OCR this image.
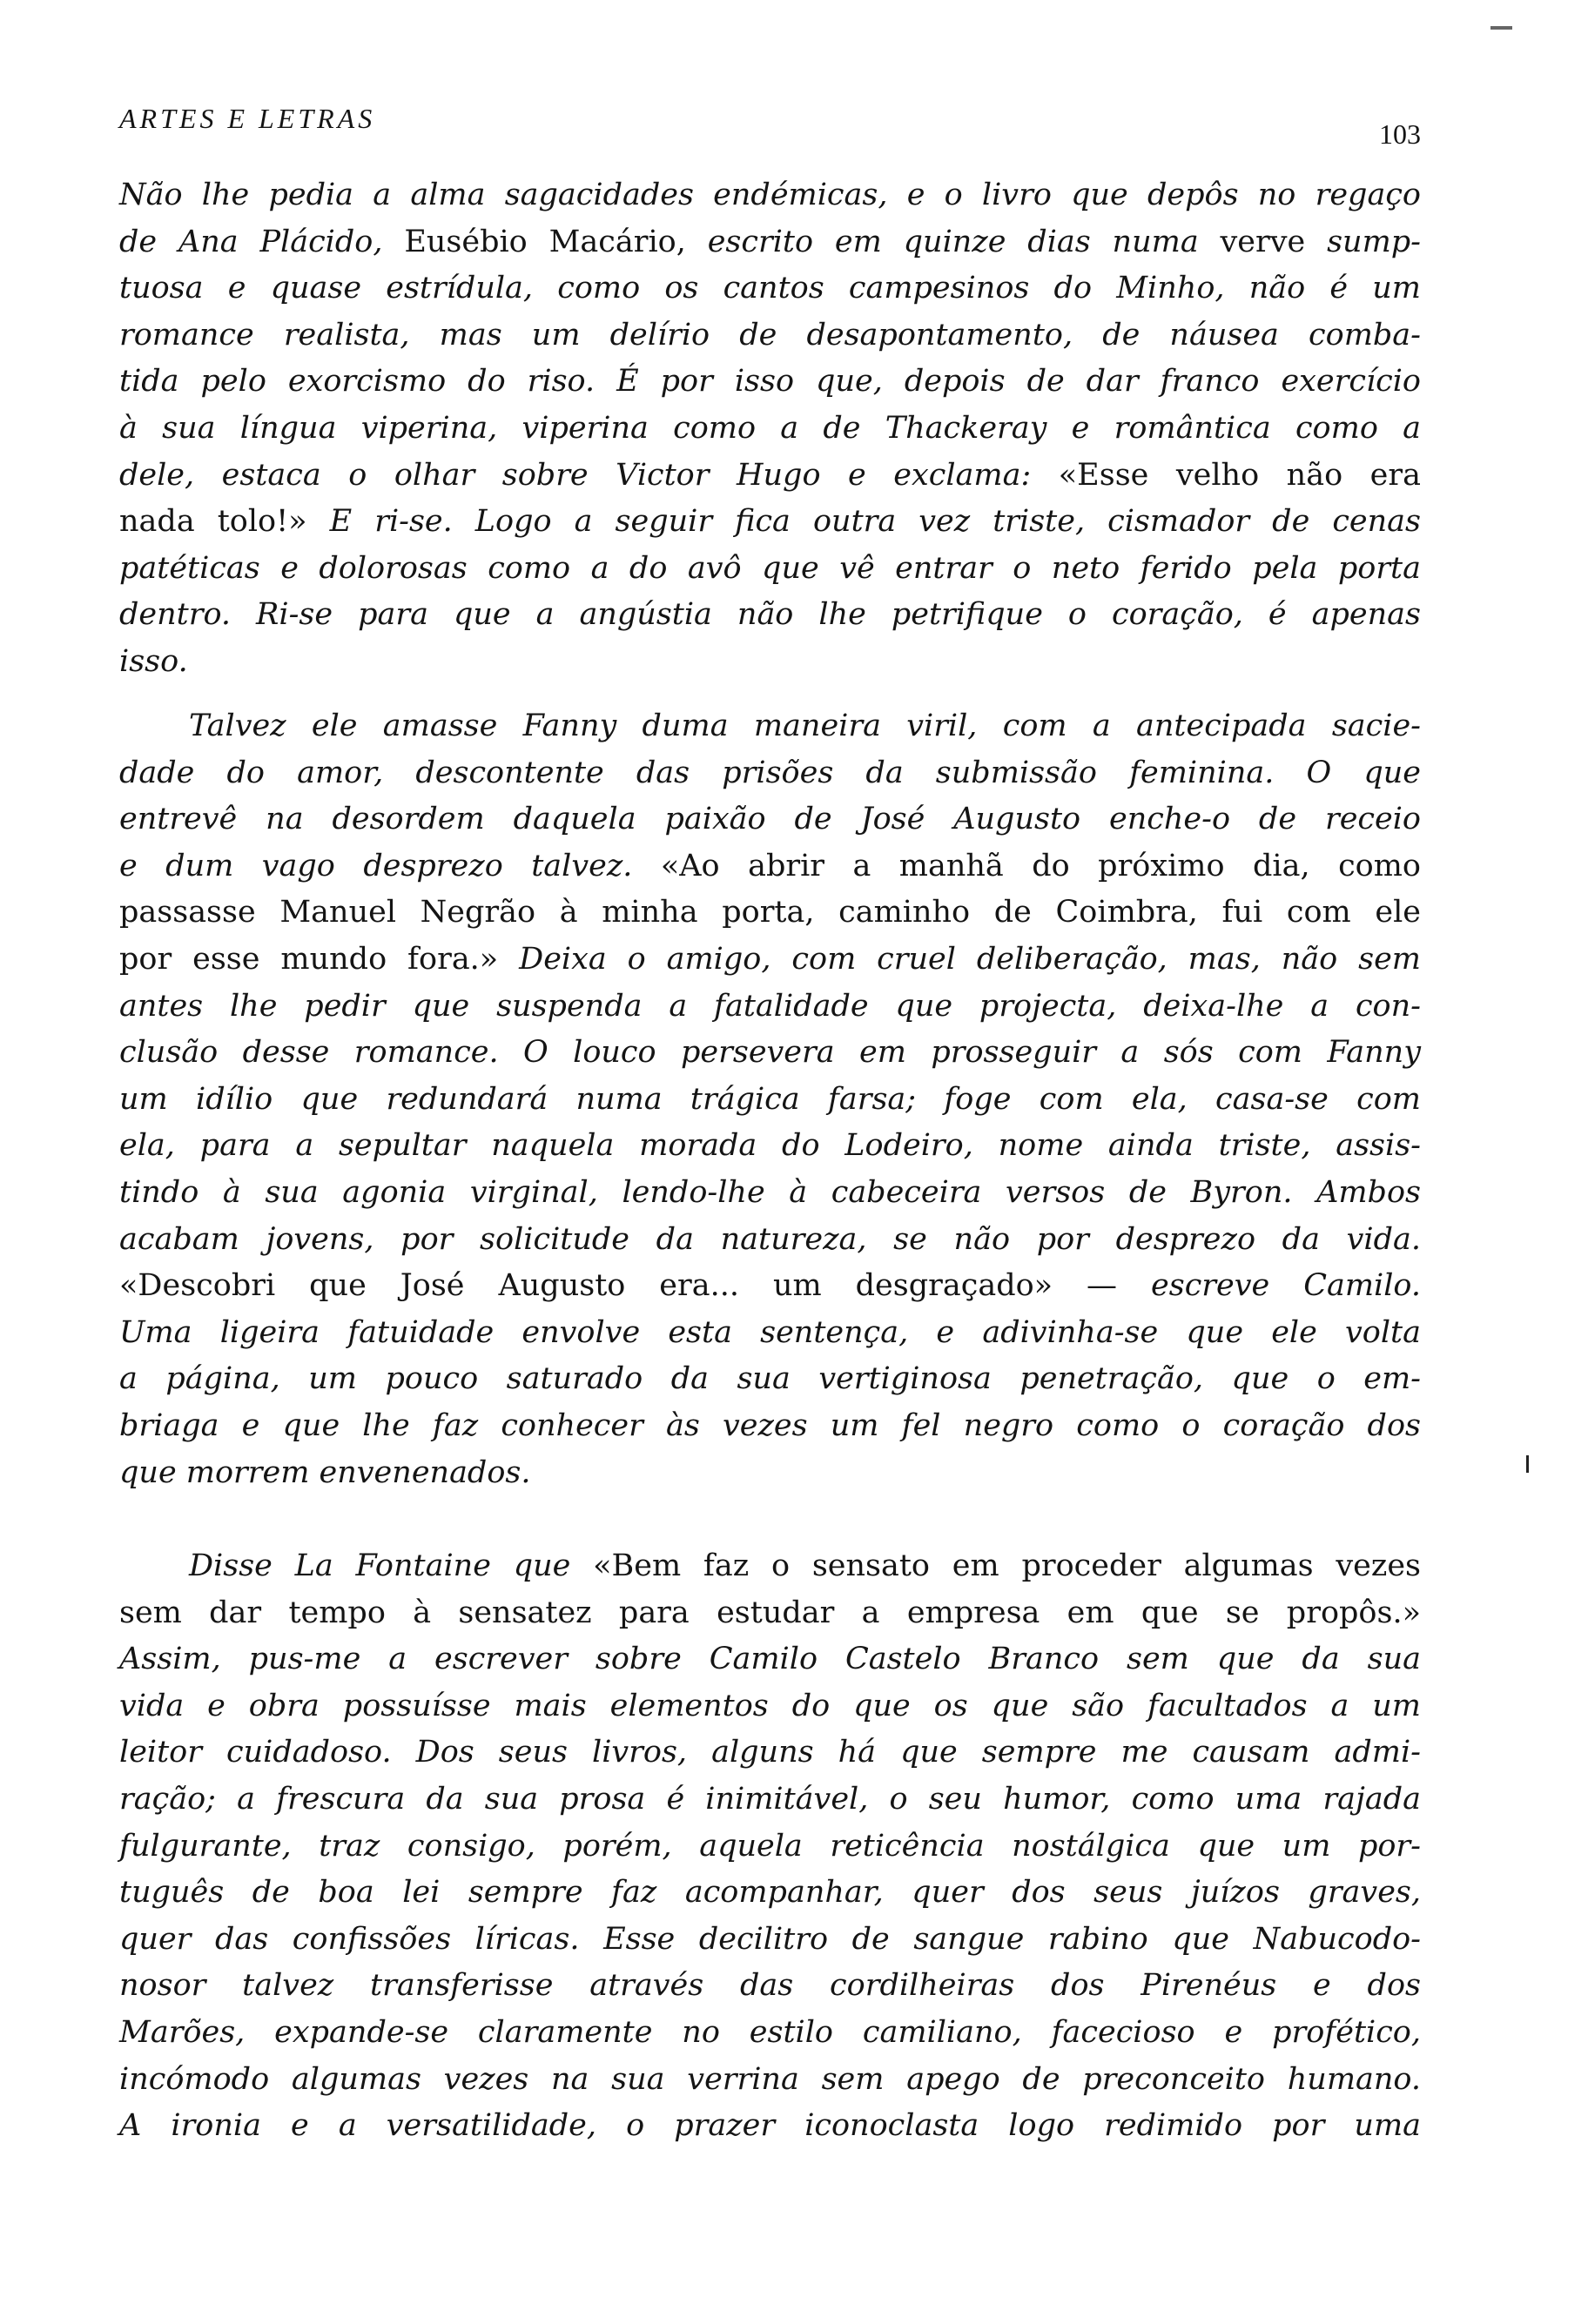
ARTES E LETRAS	103
Não lhe pedia a alma sagacidades endémicas, e o livro que depôs no regaço
de Ana Plácido, Eusébio Macário, escrito em quinze dias numa verve sump-
tuosa e quase estrídula, como os cantos campesinos do Minho, não é um
romance realista, mas um delírio de desapontamento, de náusea comba-
tida pelo exorcismo do riso. É por isso que, depois de dar franco exercício
à sua língua viperina, viperina como a de Thackeray e romântica como a
dele, estaca o olhar sobre Victor Hugo e exclama: «Esse velho não era
nada tolo!» E ri-se. Logo a seguir fica outra vez triste, cismador de cenas
patéticas e dolorosas como a do avô que vê entrar o neto ferido pela porta
dentro. Ri-se para que a angústia não lhe petrifique o coração, é apenas
isso.
Talvez ele amasse Fanny duma maneira viril, com a antecipada sacie-
dade do amor, descontente das prisões da submissão feminina. O que
entrevê na desordem daquela paixão de José Augusto enche-o de receio
e dum vago desprezo talvez. «Ao abrir a manhã do próximo dia, como
passasse Manuel Negrão à minha porta, caminho de Coimbra, fui com ele
por esse mundo fora.» Deixa o amigo, com cruel deliberação, mas, não sem
antes lhe pedir que suspenda a fatalidade que projecta, deixa-lhe a con-
clusão desse romance. O louco persevera em prosseguir a sós com Fanny
um idílio que redundará numa trágica farsa; foge com ela, casa-se com
ela, para a sepultar naquela morada do Lodeiro, nome ainda triste, assis-
tindo à sua agonia virginal, lendo-lhe à cabeceira versos de Byron. Ambos
acabam jovens, por solicitude da natureza, se não por desprezo da vida.
«Descobri que José Augusto era... um desgraçado» — escreve Camilo.
Uma ligeira fatuidade envolve esta sentença, e adivinha-se que ele volta
a página, um pouco saturado da sua vertiginosa penetração, que o em-
briaga e que lhe faz conhecer às vezes um fel negro como o coração dos
que morrem envenenados.
Disse La Fontaine que «Bem faz o sensato em proceder algumas vezes
sem dar tempo à sensatez para estudar a empresa em que se propôs.»
Assim, pus-me a escrever sobre Camilo Castelo Branco sem que da sua
vida e obra possuísse mais elementos do que os que são facultados a um
leitor cuidadoso. Dos seus livros, alguns há que sempre me causam admi-
ração; a frescura da sua prosa é inimitável, o seu humor, como uma rajada
fulgurante, traz consigo, porém, aquela reticência nostálgica que um por-
tuguês de boa lei sempre faz acompanhar, quer dos seus juízos graves,
quer das confissões líricas. Esse decilitro de sangue rabino que Nabucodo-
nosor talvez transferisse através das cordilheiras dos Pirenéus e dos
Marões, expande-se claramente no estilo camiliano, facecioso e profético,
incómodo algumas vezes na sua verrina sem apego de preconceito humano.
A ironia e a versatilidade, o prazer iconoclasta logo redimido por uma
